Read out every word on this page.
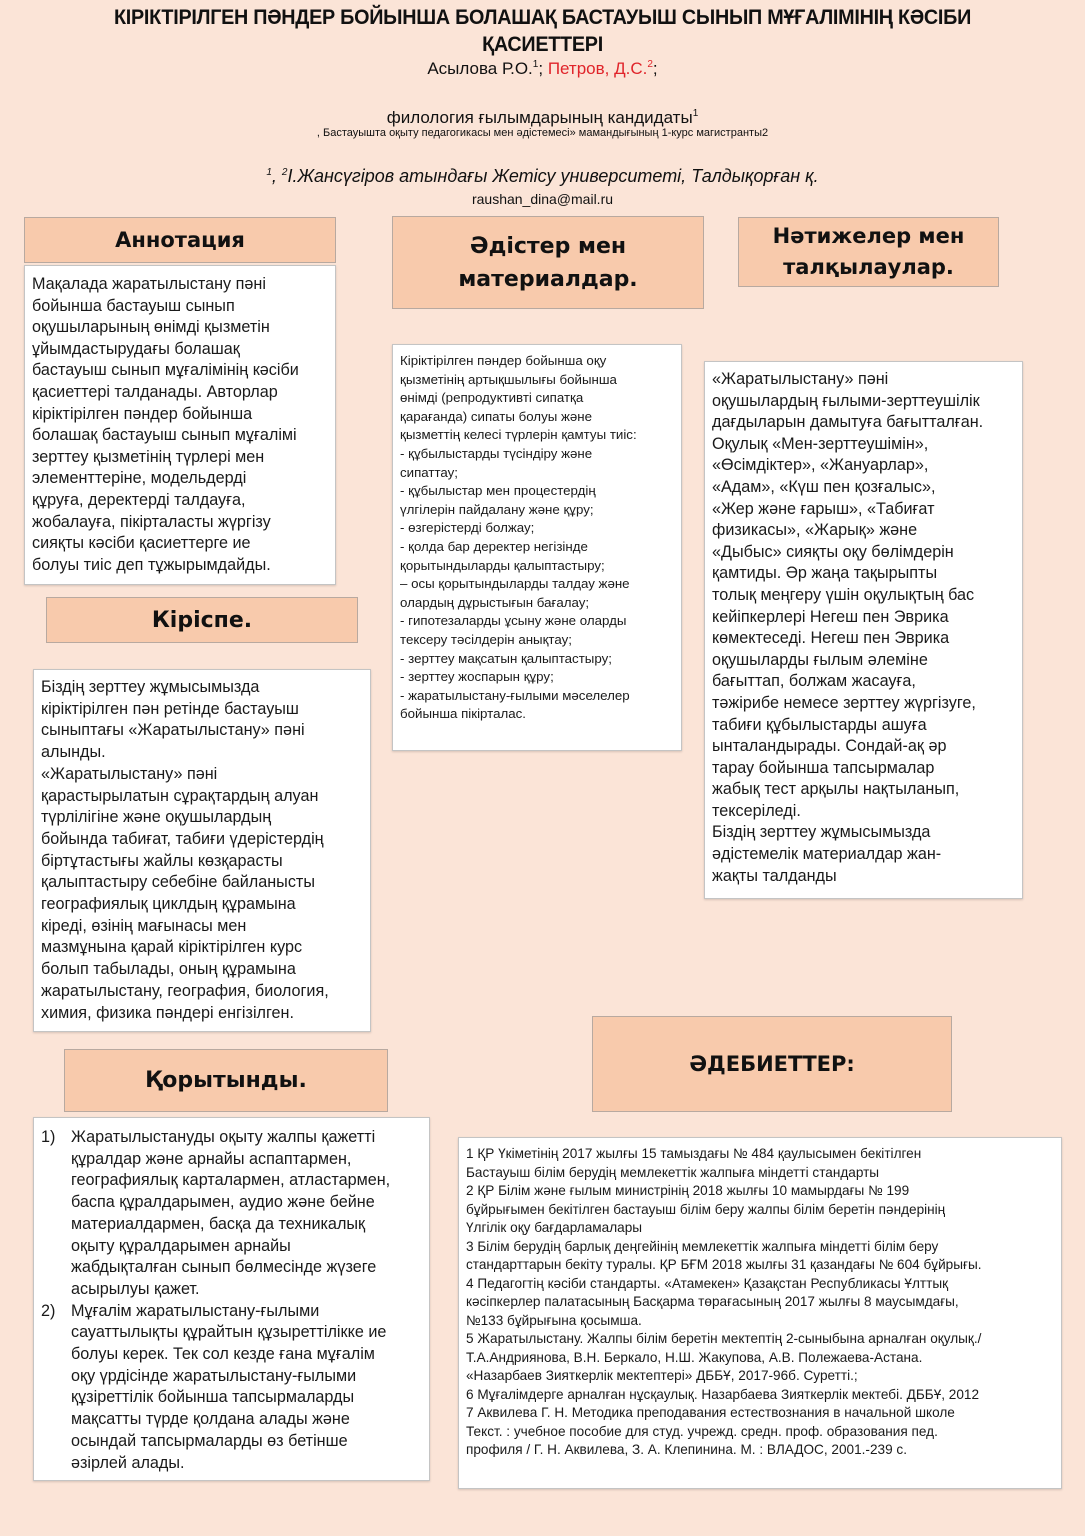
КІРІКТІРІЛГЕН ПӘНДЕР БОЙЫНША БОЛАШАҚ БАСТАУЫШ СЫНЫП МҰҒАЛІМІНІҢ КӘСІБИ
ҚАСИЕТТЕРІ
Асылова Р.О.$^1$; Петров, Д.С.$^2$;
филология ғылымдарының кандидаты$^1$
, Бастауышта оқыту педагогикасы мен әдістемесі» мамандығының 1-курс магистранты2
$^1$, $^2$І.Жансүгіров атындағы Жетісу университеті, Талдықорған қ.
raushan_dina@mail.ru
Аннотация
Мақалада жаратылыстану пәні
бойынша бастауыш сынып
оқушыларының өнімді қызметін
ұйымдастырудағы болашақ
бастауыш сынып мұғалімінің кәсіби
қасиеттері талданады. Авторлар
кіріктірілген пәндер бойынша
болашақ бастауыш сынып мұғалімі
зерттеу қызметінің түрлері мен
элементтеріне, модельдерді
құруға, деректерді талдауға,
жобалауға, пікірталасты жүргізу
сияқты кәсіби қасиеттерге ие
болуы тиіс деп тұжырымдайды.
Әдістер мен
материалдар.
Кіріктірілген пәндер бойынша оқу
қызметінің артықшылығы бойынша
өнімді (репродуктивті сипатқа
қарағанда) сипаты болуы және
қызметтің келесі түрлерін қамтуы тиіс:
- құбылыстарды түсіндіру және
сипаттау;
- құбылыстар мен процестердің
үлгілерін пайдалану және құру;
- өзгерістерді болжау;
- қолда бар деректер негізінде
қорытындыларды қалыптастыру;
– осы қорытындыларды талдау және
олардың дұрыстығын бағалау;
- гипотезаларды ұсыну және оларды
тексеру тәсілдерін анықтау;
- зерттеу мақсатын қалыптастыру;
- зерттеу жоспарын құру;
- жаратылыстану-ғылыми мәселелер
бойынша пікірталас.
Нәтижелер мен
талқылаулар.
«Жаратылыстану» пәні
оқушылардың ғылыми-зерттеушілік
дағдыларын дамытуға бағытталған.
Оқулық «Мен-зерттеушімін»,
«Өсімдіктер», «Жануарлар»,
«Адам», «Күш пен қозғалыс»,
«Жер және ғарыш», «Табиғат
физикасы», «Жарық» және
«Дыбыс» сияқты оқу бөлімдерін
қамтиды. Әр жаңа тақырыпты
толық меңгеру үшін оқулықтың бас
кейіпкерлері Негеш пен Эврика
көмектеседі. Негеш пен Эврика
оқушыларды ғылым әлеміне
бағыттап, болжам жасауға,
тәжірибе немесе зерттеу жүргізуге,
табиғи құбылыстарды ашуға
ынталандырады. Сондай-ақ әр
тарау бойынша тапсырмалар
жабық тест арқылы нақтыланып,
тексеріледі.
Біздің зерттеу жұмысымызда
әдістемелік материалдар жан-
жақты талданды
Кіріспе.
Біздің зерттеу жұмысымызда
кіріктірілген пән ретінде бастауыш
сыныптағы «Жаратылыстану» пәні
алынды.
«Жаратылыстану» пәні
қарастырылатын сұрақтардың алуан
түрлілігіне және оқушылардың
бойында табиғат, табиғи үдерістердің
біртұтастығы жайлы көзқарасты
қалыптастыру себебіне байланысты
географиялық циклдың құрамына
кіреді, өзінің мағынасы мен
мазмұнына қарай кіріктірілген курс
болып табылады, оның құрамына
жаратылыстану, география, биология,
химия, физика пәндері енгізілген.
Қорытынды.
1) Жаратылыстануды оқыту жалпы қажетті
құралдар және арнайы аспаптармен,
географиялық карталармен, атластармен,
баспа құралдарымен, аудио және бейне
материалдармен, басқа да техникалық
оқыту құралдарымен арнайы
жабдықталған сынып бөлмесінде жүзеге
асырылуы қажет.
2) Мұғалім жаратылыстану-ғылыми
сауаттылықты құрайтын құзыреттілікке ие
болуы керек. Тек сол кезде ғана мұғалім
оқу үрдісінде жаратылыстану-ғылыми
құзіреттілік бойынша тапсырмаларды
мақсатты түрде қолдана алады және
осындай тапсырмаларды өз бетінше
әзірлей алады.
ӘДЕБИЕТТЕР:
1 ҚР Үкіметінің 2017 жылғы 15 тамыздағы № 484 қаулысымен бекітілген
Бастауыш білім берудің мемлекеттік жалпыға міндетті стандарты
2 ҚР Білім және ғылым министрінің 2018 жылғы 10 мамырдағы № 199
бұйрығымен бекітілген бастауыш білім беру жалпы білім беретін пәндерінің
Үлгілік оқу бағдарламалары
3 Білім берудің барлық деңгейінің мемлекеттік жалпыға міндетті білім беру
стандарттарын бекіту туралы. ҚР БҒМ 2018 жылғы 31 қазандағы № 604 бұйрығы.
4 Педагогтің кәсіби стандарты. «Атамекен» Қазақстан Республикасы Ұлттық
кәсіпкерлер палатасының Басқарма төрағасының 2017 жылғы 8 маусымдағы,
№133 бұйрығына қосымша.
5 Жаратылыстану. Жалпы білім беретін мектептің 2-сыныбына арналған оқулық./
Т.А.Андриянова, В.Н. Беркало, Н.Ш. Жакупова, А.В. Полежаева-Астана.
«Назарбаев Зияткерлік мектептері» ДББҰ, 2017-96б. Суретті.;
6 Мұғалімдерге арналған нұсқаулық. Назарбаева Зияткерлік мектебі. ДББҰ, 2012
7 Аквилева Г. Н. Методика преподавания естествознания в начальной школе
Текст. : учебное пособие для студ. учрежд. средн. проф. образования пед.
профиля / Г. Н. Аквилева, З. А. Клепинина. М. : ВЛАДОС, 2001.-239 с.
